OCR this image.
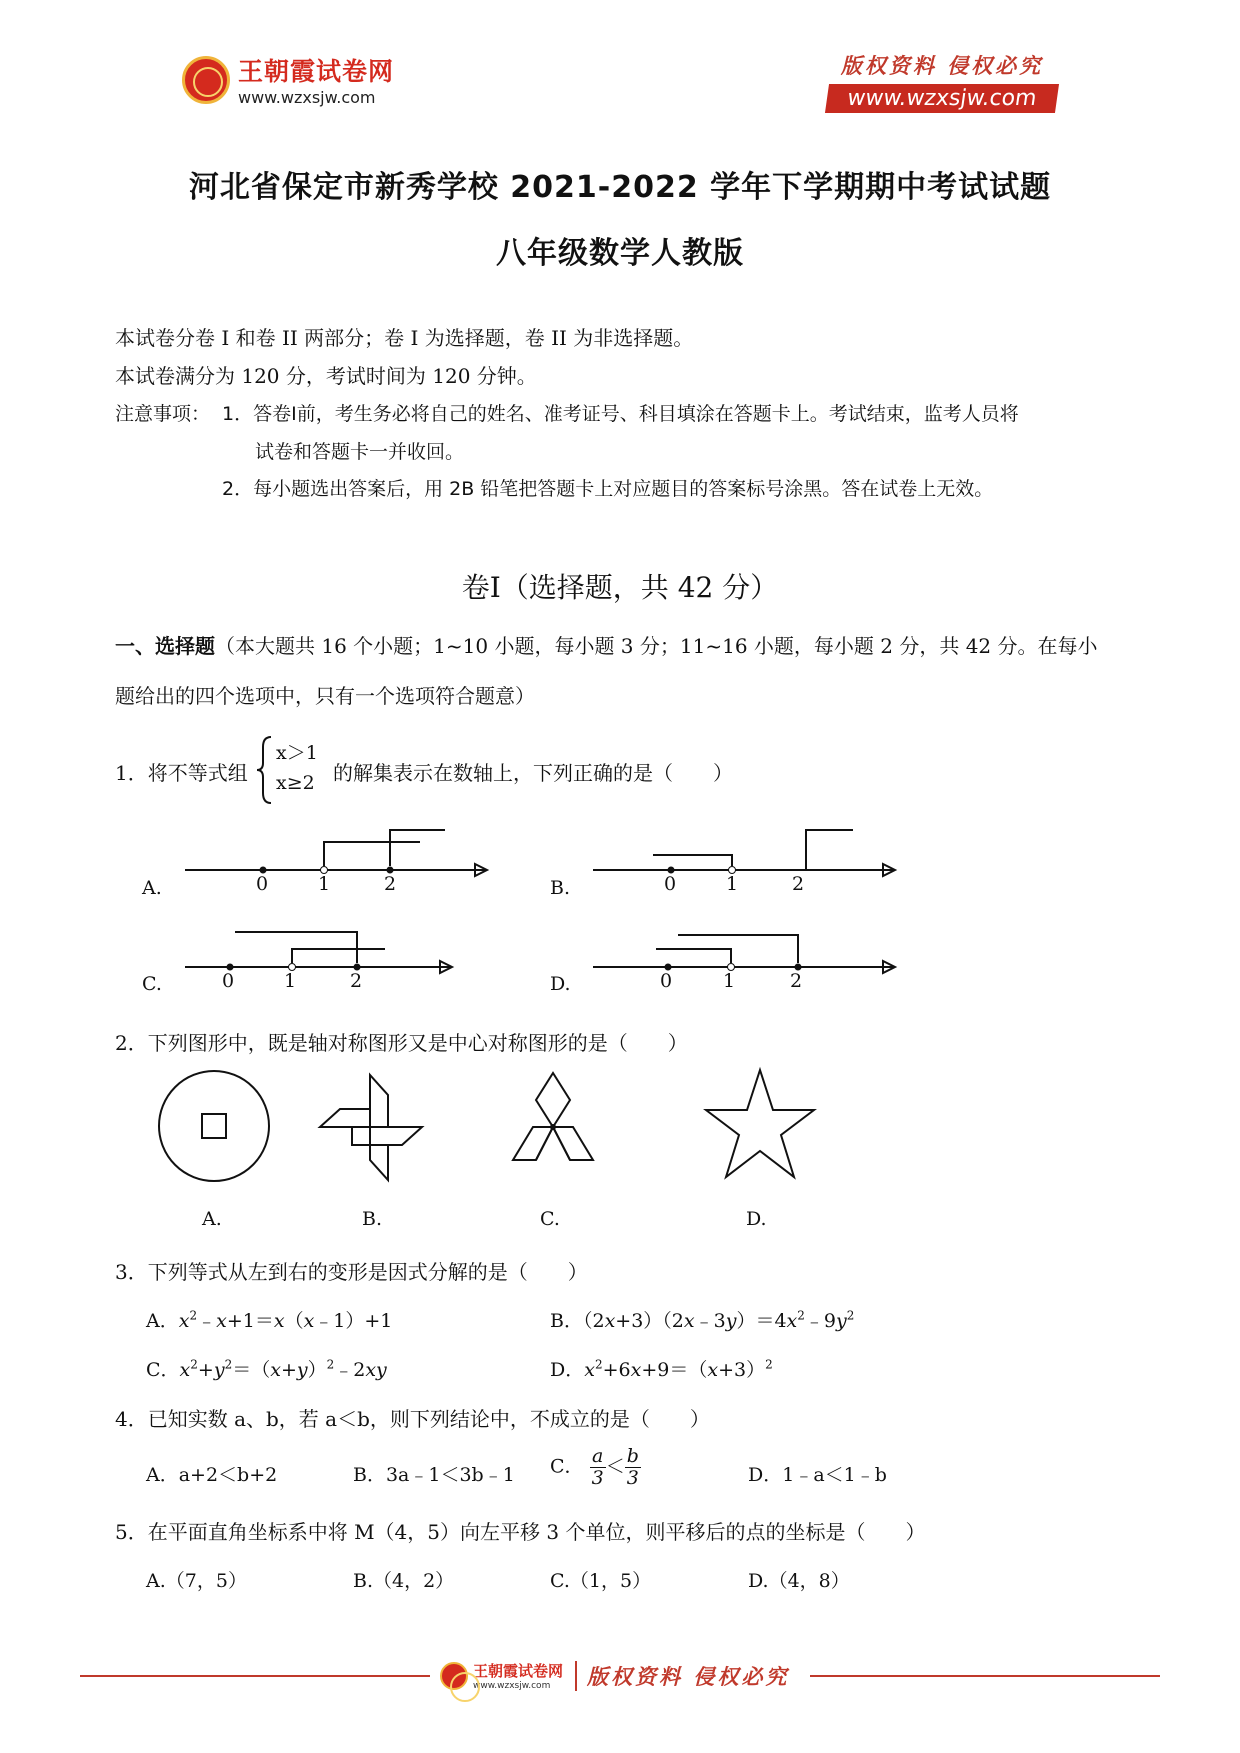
王朝霞试卷网
www.wzxsjw.com
版权资料 侵权必究
www.wzxsjw.com
河北省保定市新秀学校 2021-2022 学年下学期期中考试试题
八年级数学人教版
本试卷分卷 I 和卷 II 两部分；卷 I 为选择题，卷 II 为非选择题。
本试卷满分为 120 分，考试时间为 120 分钟。
注意事项： 1．答卷I前，考生务必将自己的姓名、准考证号、科目填涂在答题卡上。考试结束，监考人员将
试卷和答题卡一并收回。
2．每小题选出答案后，用 2B 铅笔把答题卡上对应题目的答案标号涂黑。答在试卷上无效。
卷I（选择题，共 42 分）
一、选择题（本大题共 16 个小题；1~10 小题，每小题 3 分；11~16 小题，每小题 2 分，共 42 分。在每小
题给出的四个选项中，只有一个选项符合题意）
1．将不等式组
x＞1
x≥2 的解集表示在数轴上，下列正确的是（　　）
A.	0	1	2	B.	0	1	2
C.	0	1	2	D.	0	1	2
2．下列图形中，既是轴对称图形又是中心对称图形的是（　　）
A.	B.	C.	D.
3．下列等式从左到右的变形是因式分解的是（　　）
A．$x^2﹣x+1=x(x﹣1)+1$	B．$(2x+3)(2x﹣3y)=4x^2﹣9y^2$
C．$x^2+y^2=(x+y)^2﹣2xy$	D．$x^2+6x+9=(x+3)^2$
4．已知实数 a、b，若 a＜b，则下列结论中，不成立的是（　　）
A．a+2＜b+2	B．3a﹣1＜3b﹣1 C． $\frac{a}{3} < \frac{b}{3}$	D．1﹣a＜1﹣b
5．在平面直角坐标系中将 M（4，5）向左平移 3 个单位，则平移后的点的坐标是（　　）
A.（7，5）	B.（4，2）	C.（1，5）	D.（4，8）
王朝霞试卷网
www.wzxsjw.com	版权资料 侵权必究
